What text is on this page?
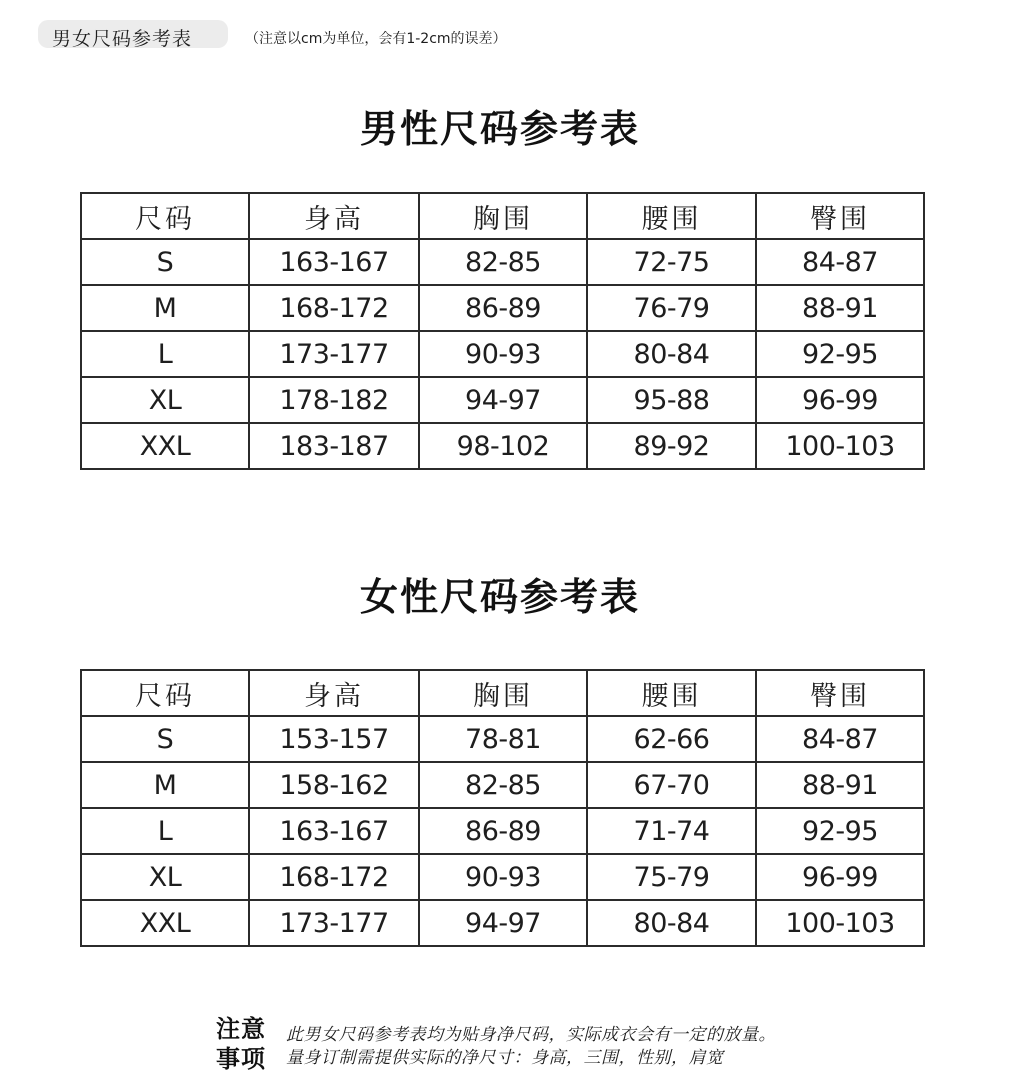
男女尺码参考表	（注意以cm为单位，会有1-2cm的误差）
男性尺码参考表
尺码	身高	胸围	腰围	臀围
S	163-167	82-85	72-75	84-87
M	168-172	86-89	76-79	88-91
L	173-177	90-93	80-84	92-95
XL	178-182	94-97	95-88	96-99
XXL	183-187	98-102	89-92	100-103
女性尺码参考表
尺码	身高	胸围	腰围	臀围
S	153-157	78-81	62-66	84-87
M	158-162	82-85	67-70	88-91
L	163-167	86-89	71-74	92-95
XL	168-172	90-93	75-79	96-99
XXL	173-177	94-97	80-84	100-103
注意
事项
此男女尺码参考表均为贴身净尺码，实际成衣会有一定的放量。
量身订制需提供实际的净尺寸：身高，三围，性别，肩宽
